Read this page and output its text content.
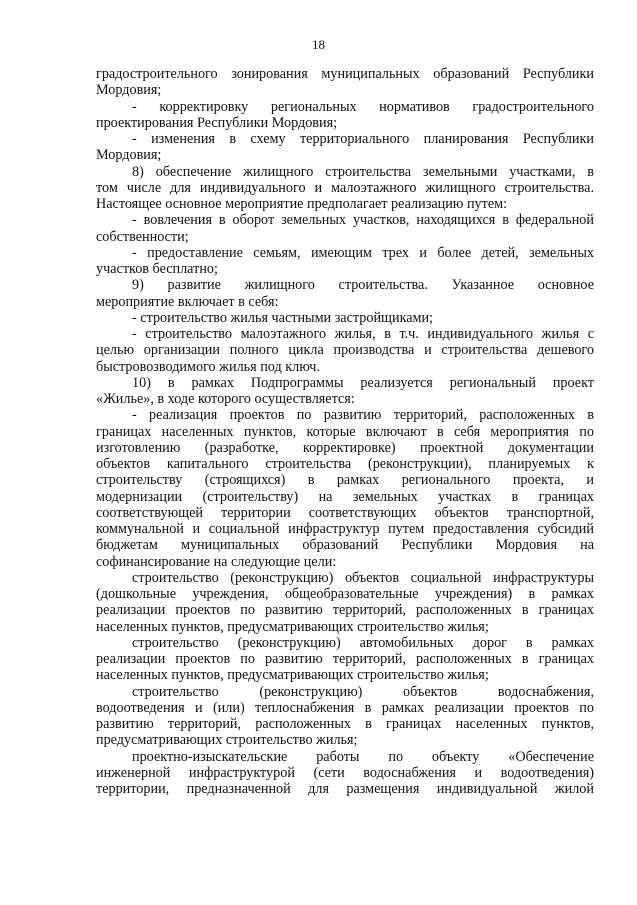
18
градостроительного зонирования муниципальных образований Республики
Мордовия;
- корректировку региональных нормативов градостроительного
проектирования Республики Мордовия;
- изменения в схему территориального планирования Республики
Мордовия;
8) обеспечение жилищного строительства земельными участками, в
том числе для индивидуального и малоэтажного жилищного строительства.
Настоящее основное мероприятие предполагает реализацию путем:
- вовлечения в оборот земельных участков, находящихся в федеральной
собственности;
- предоставление семьям, имеющим трех и более детей, земельных
участков бесплатно;
9) развитие жилищного строительства. Указанное основное
мероприятие включает в себя:
- строительство жилья частными застройщиками;
- строительство малоэтажного жилья, в т.ч. индивидуального жилья с
целью организации полного цикла производства и строительства дешевого
быстровозводимого жилья под ключ.
10) в рамках Подпрограммы реализуется региональный проект
«Жилье», в ходе которого осуществляется:
- реализация проектов по развитию территорий, расположенных в
границах населенных пунктов, которые включают в себя мероприятия по
изготовлению (разработке, корректировке) проектной документации
объектов капитального строительства (реконструкции), планируемых к
строительству (строящихся) в рамках регионального проекта, и
модернизации (строительству) на земельных участках в границах
соответствующей территории соответствующих объектов транспортной,
коммунальной и социальной инфраструктур путем предоставления субсидий
бюджетам муниципальных образований Республики Мордовия на
софинансирование на следующие цели:
строительство (реконструкцию) объектов социальной инфраструктуры
(дошкольные учреждения, общеобразовательные учреждения) в рамках
реализации проектов по развитию территорий, расположенных в границах
населенных пунктов, предусматривающих строительство жилья;
строительство (реконструкцию) автомобильных дорог в рамках
реализации проектов по развитию территорий, расположенных в границах
населенных пунктов, предусматривающих строительство жилья;
строительство (реконструкцию) объектов водоснабжения,
водоотведения и (или) теплоснабжения в рамках реализации проектов по
развитию территорий, расположенных в границах населенных пунктов,
предусматривающих строительство жилья;
проектно-изыскательские работы по объекту «Обеспечение
инженерной инфраструктурой (сети водоснабжения и водоотведения)
территории, предназначенной для размещения индивидуальной жилой
